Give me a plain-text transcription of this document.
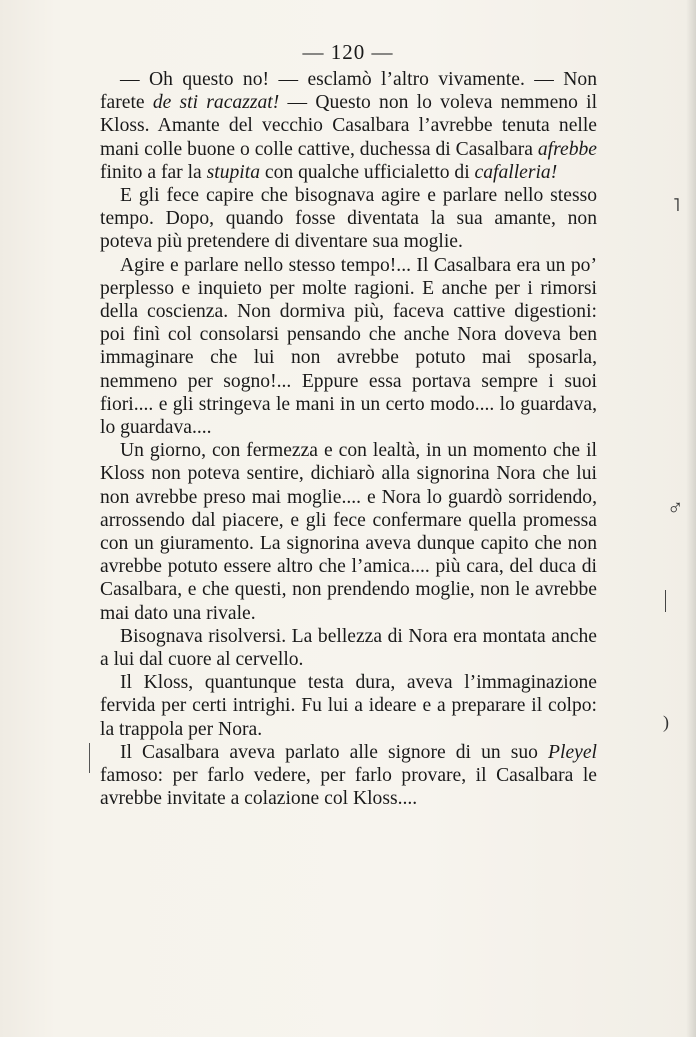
— 120 —

— Oh questo no! — esclamò l’altro vivamente. — Non farete de sti racazzat! — Questo non lo voleva nemmeno il Kloss. Amante del vecchio Casalbara l’avrebbe tenuta nelle mani colle buone o colle cattive, duchessa di Casalbara afrebbe finito a far la stupita con qualche ufficialetto di cafalleria!

E gli fece capire che bisognava agire e parlare nello stesso tempo. Dopo, quando fosse diventata la sua amante, non poteva più pretendere di diventare sua moglie.

Agire e parlare nello stesso tempo!... Il Casalbara era un po’ perplesso e inquieto per molte ragioni. E anche per i rimorsi della coscienza. Non dormiva più, faceva cattive digestioni: poi finì col consolarsi pensando che anche Nora doveva ben immaginare che lui non avrebbe potuto mai sposarla, nemmeno per sogno!... Eppure essa portava sempre i suoi fiori.... e gli stringeva le mani in un certo modo.... lo guardava, lo guardava....

Un giorno, con fermezza e con lealtà, in un momento che il Kloss non poteva sentire, dichiarò alla signorina Nora che lui non avrebbe preso mai moglie.... e Nora lo guardò sorridendo, arrossendo dal piacere, e gli fece confermare quella promessa con un giuramento. La signorina aveva dunque capito che non avrebbe potuto essere altro che l’amica.... più cara, del duca di Casalbara, e che questi, non prendendo moglie, non le avrebbe mai dato una rivale.

Bisognava risolversi. La bellezza di Nora era montata anche a lui dal cuore al cervello.

Il Kloss, quantunque testa dura, aveva l’immaginazione fervida per certi intrighi. Fu lui a ideare e a preparare il colpo: la trappola per Nora.

Il Casalbara aveva parlato alle signore di un suo Pleyel famoso: per farlo vedere, per farlo provare, il Casalbara le avrebbe invitate a colazione col Kloss....

˥
♂
)
